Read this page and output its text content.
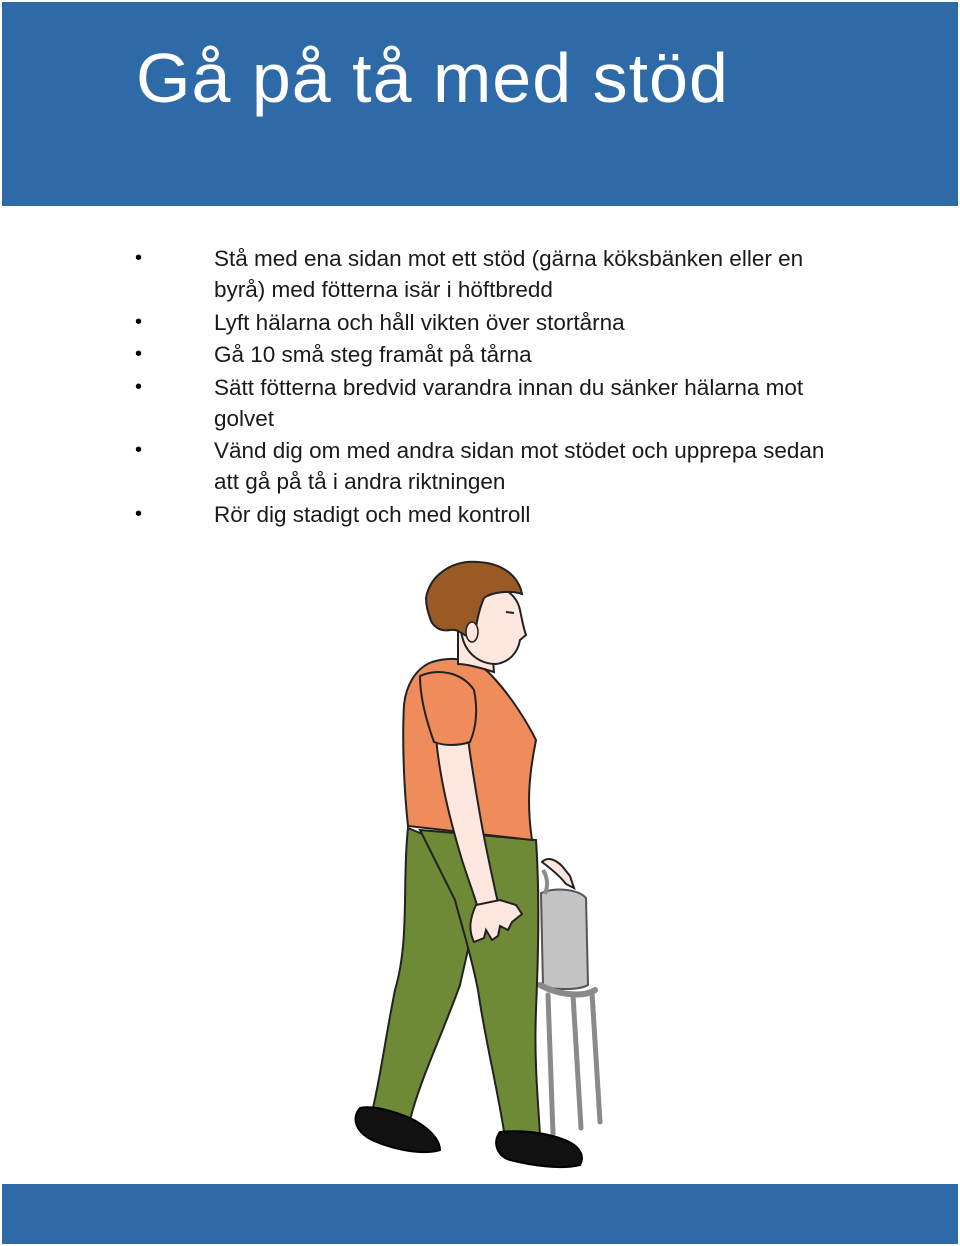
Gå på tå med stöd
•	Stå med ena sidan mot ett stöd (gärna köksbänken eller en byrå) med fötterna isär i höftbredd
•	Lyft hälarna och håll vikten över stortårna
•	Gå 10 små steg framåt på tårna
•	Sätt fötterna bredvid varandra innan du sänker hälarna mot golvet
•	Vänd dig om med andra sidan mot stödet och upprepa sedan att gå på tå i andra riktningen
•	Rör dig stadigt och med kontroll
